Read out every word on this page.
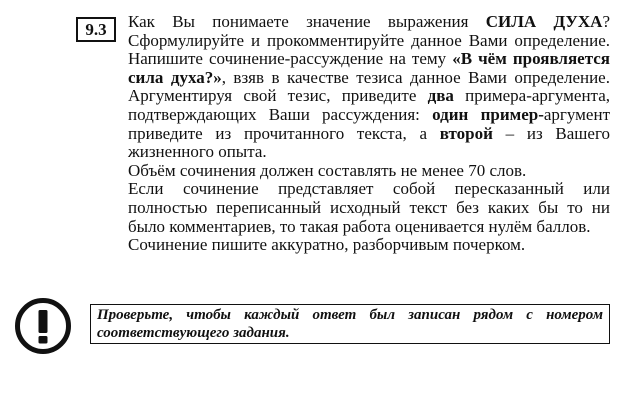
9.3	Как Вы понимаете значение выражения СИЛА ДУХА? Сформулируйте и прокомментируйте данное Вами определение. Напишите сочинение-рассуждение на тему «В чём проявляется сила духа?», взяв в качестве тезиса данное Вами определение. Аргументируя свой тезис, приведите два примера-аргумента, подтверждающих Ваши рассуждения: один пример-аргумент приведите из прочитанного текста, а второй – из Вашего жизненного опыта.

Объём сочинения должен составлять не менее 70 слов.

Если сочинение представляет собой пересказанный или полностью переписанный исходный текст без каких бы то ни было комментариев, то такая работа оценивается нулём баллов.

Сочинение пишите аккуратно, разборчивым почерком.

Проверьте, чтобы каждый ответ был записан рядом с номером соответствующего задания.
